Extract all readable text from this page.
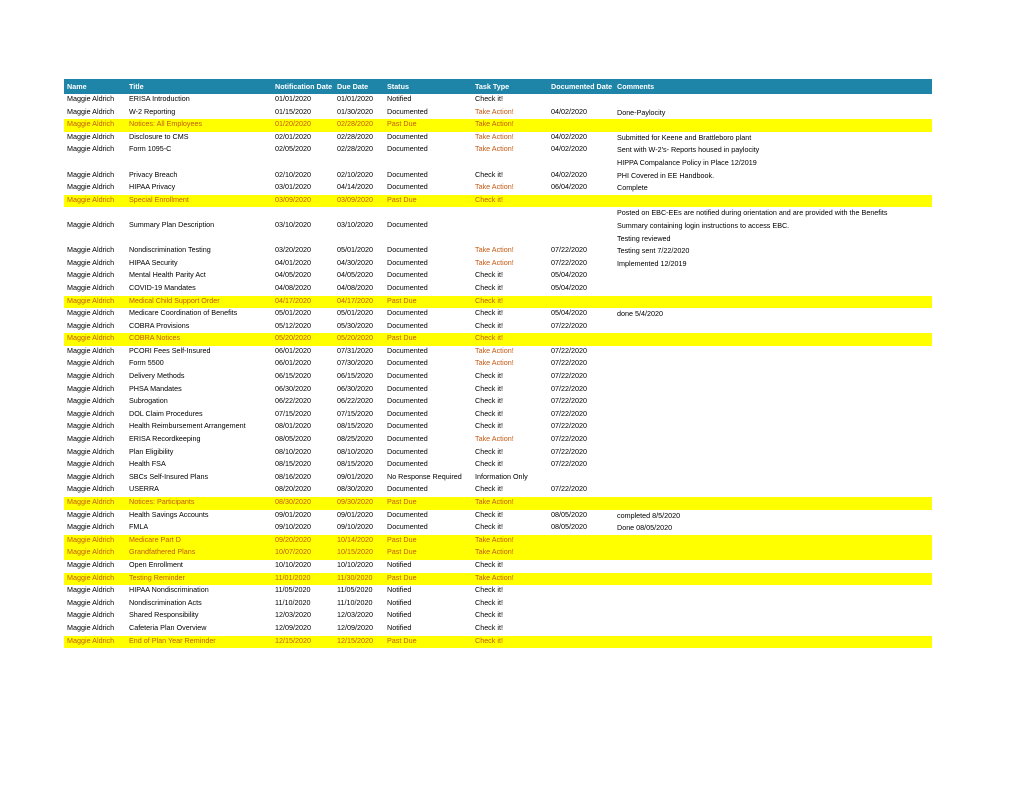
Name	Title	Notification Date	Due Date	Status	Task Type	Documented Date	Comments
Maggie Aldrich	ERISA Introduction	01/01/2020	01/01/2020	Notified	Check it!		
Maggie Aldrich	W-2 Reporting	01/15/2020	01/30/2020	Documented	Take Action!	04/02/2020	Done-Paylocity
Maggie Aldrich	Notices: All Employees	01/20/2020	02/28/2020	Past Due	Take Action!		
Maggie Aldrich	Disclosure to CMS	02/01/2020	02/28/2020	Documented	Take Action!	04/02/2020	Submitted for Keene and Brattleboro plant
Maggie Aldrich	Form 1095-C	02/05/2020	02/28/2020	Documented	Take Action!	04/02/2020	Sent with W-2's- Reports housed in paylocity
							HIPPA Compalance Policy in Place 12/2019
Maggie Aldrich	Privacy Breach	02/10/2020	02/10/2020	Documented	Check it!	04/02/2020	PHI Covered in EE Handbook.
Maggie Aldrich	HIPAA Privacy	03/01/2020	04/14/2020	Documented	Take Action!	06/04/2020	Complete
Maggie Aldrich	Special Enrollment	03/09/2020	03/09/2020	Past Due	Check it!		
							Posted on EBC-EEs are notified during orientation and are provided with the Benefits
Maggie Aldrich	Summary Plan Description	03/10/2020	03/10/2020	Documented			Summary containing login instructions to access EBC.
							Testing reviewed
Maggie Aldrich	Nondiscrimination Testing	03/20/2020	05/01/2020	Documented	Take Action!	07/22/2020	Testing sent 7/22/2020
Maggie Aldrich	HIPAA Security	04/01/2020	04/30/2020	Documented	Take Action!	07/22/2020	Implemented 12/2019
Maggie Aldrich	Mental Health Parity Act	04/05/2020	04/05/2020	Documented	Check it!	05/04/2020	
Maggie Aldrich	COVID-19 Mandates	04/08/2020	04/08/2020	Documented	Check it!	05/04/2020	
Maggie Aldrich	Medical Child Support Order	04/17/2020	04/17/2020	Past Due	Check it!		
Maggie Aldrich	Medicare Coordination of Benefits	05/01/2020	05/01/2020	Documented	Check it!	05/04/2020	done 5/4/2020
Maggie Aldrich	COBRA Provisions	05/12/2020	05/30/2020	Documented	Check it!	07/22/2020	
Maggie Aldrich	COBRA Notices	05/20/2020	05/20/2020	Past Due	Check it!		
Maggie Aldrich	PCORI Fees Self-Insured	06/01/2020	07/31/2020	Documented	Take Action!	07/22/2020	
Maggie Aldrich	Form 5500	06/01/2020	07/30/2020	Documented	Take Action!	07/22/2020	
Maggie Aldrich	Delivery Methods	06/15/2020	06/15/2020	Documented	Check it!	07/22/2020	
Maggie Aldrich	PHSA Mandates	06/30/2020	06/30/2020	Documented	Check it!	07/22/2020	
Maggie Aldrich	Subrogation	06/22/2020	06/22/2020	Documented	Check it!	07/22/2020	
Maggie Aldrich	DOL Claim Procedures	07/15/2020	07/15/2020	Documented	Check it!	07/22/2020	
Maggie Aldrich	Health Reimbursement Arrangement	08/01/2020	08/15/2020	Documented	Check it!	07/22/2020	
Maggie Aldrich	ERISA Recordkeeping	08/05/2020	08/25/2020	Documented	Take Action!	07/22/2020	
Maggie Aldrich	Plan Eligibility	08/10/2020	08/10/2020	Documented	Check it!	07/22/2020	
Maggie Aldrich	Health FSA	08/15/2020	08/15/2020	Documented	Check it!	07/22/2020	
Maggie Aldrich	SBCs Self-Insured Plans	08/16/2020	09/01/2020	No Response Required	Information Only		
Maggie Aldrich	USERRA	08/20/2020	08/30/2020	Documented	Check it!	07/22/2020	
Maggie Aldrich	Notices: Participants	08/30/2020	09/30/2020	Past Due	Take Action!		
Maggie Aldrich	Health Savings Accounts	09/01/2020	09/01/2020	Documented	Check it!	08/05/2020	completed 8/5/2020
Maggie Aldrich	FMLA	09/10/2020	09/10/2020	Documented	Check it!	08/05/2020	Done 08/05/2020
Maggie Aldrich	Medicare Part D	09/20/2020	10/14/2020	Past Due	Take Action!		
Maggie Aldrich	Grandfathered Plans	10/07/2020	10/15/2020	Past Due	Take Action!		
Maggie Aldrich	Open Enrollment	10/10/2020	10/10/2020	Notified	Check it!		
Maggie Aldrich	Testing Reminder	11/01/2020	11/30/2020	Past Due	Take Action!		
Maggie Aldrich	HIPAA Nondiscrimination	11/05/2020	11/05/2020	Notified	Check it!		
Maggie Aldrich	Nondiscrimination Acts	11/10/2020	11/10/2020	Notified	Check it!		
Maggie Aldrich	Shared Responsibility	12/03/2020	12/03/2020	Notified	Check it!		
Maggie Aldrich	Cafeteria Plan Overview	12/09/2020	12/09/2020	Notified	Check it!		
Maggie Aldrich	End of Plan Year Reminder	12/15/2020	12/15/2020	Past Due	Check it!		
